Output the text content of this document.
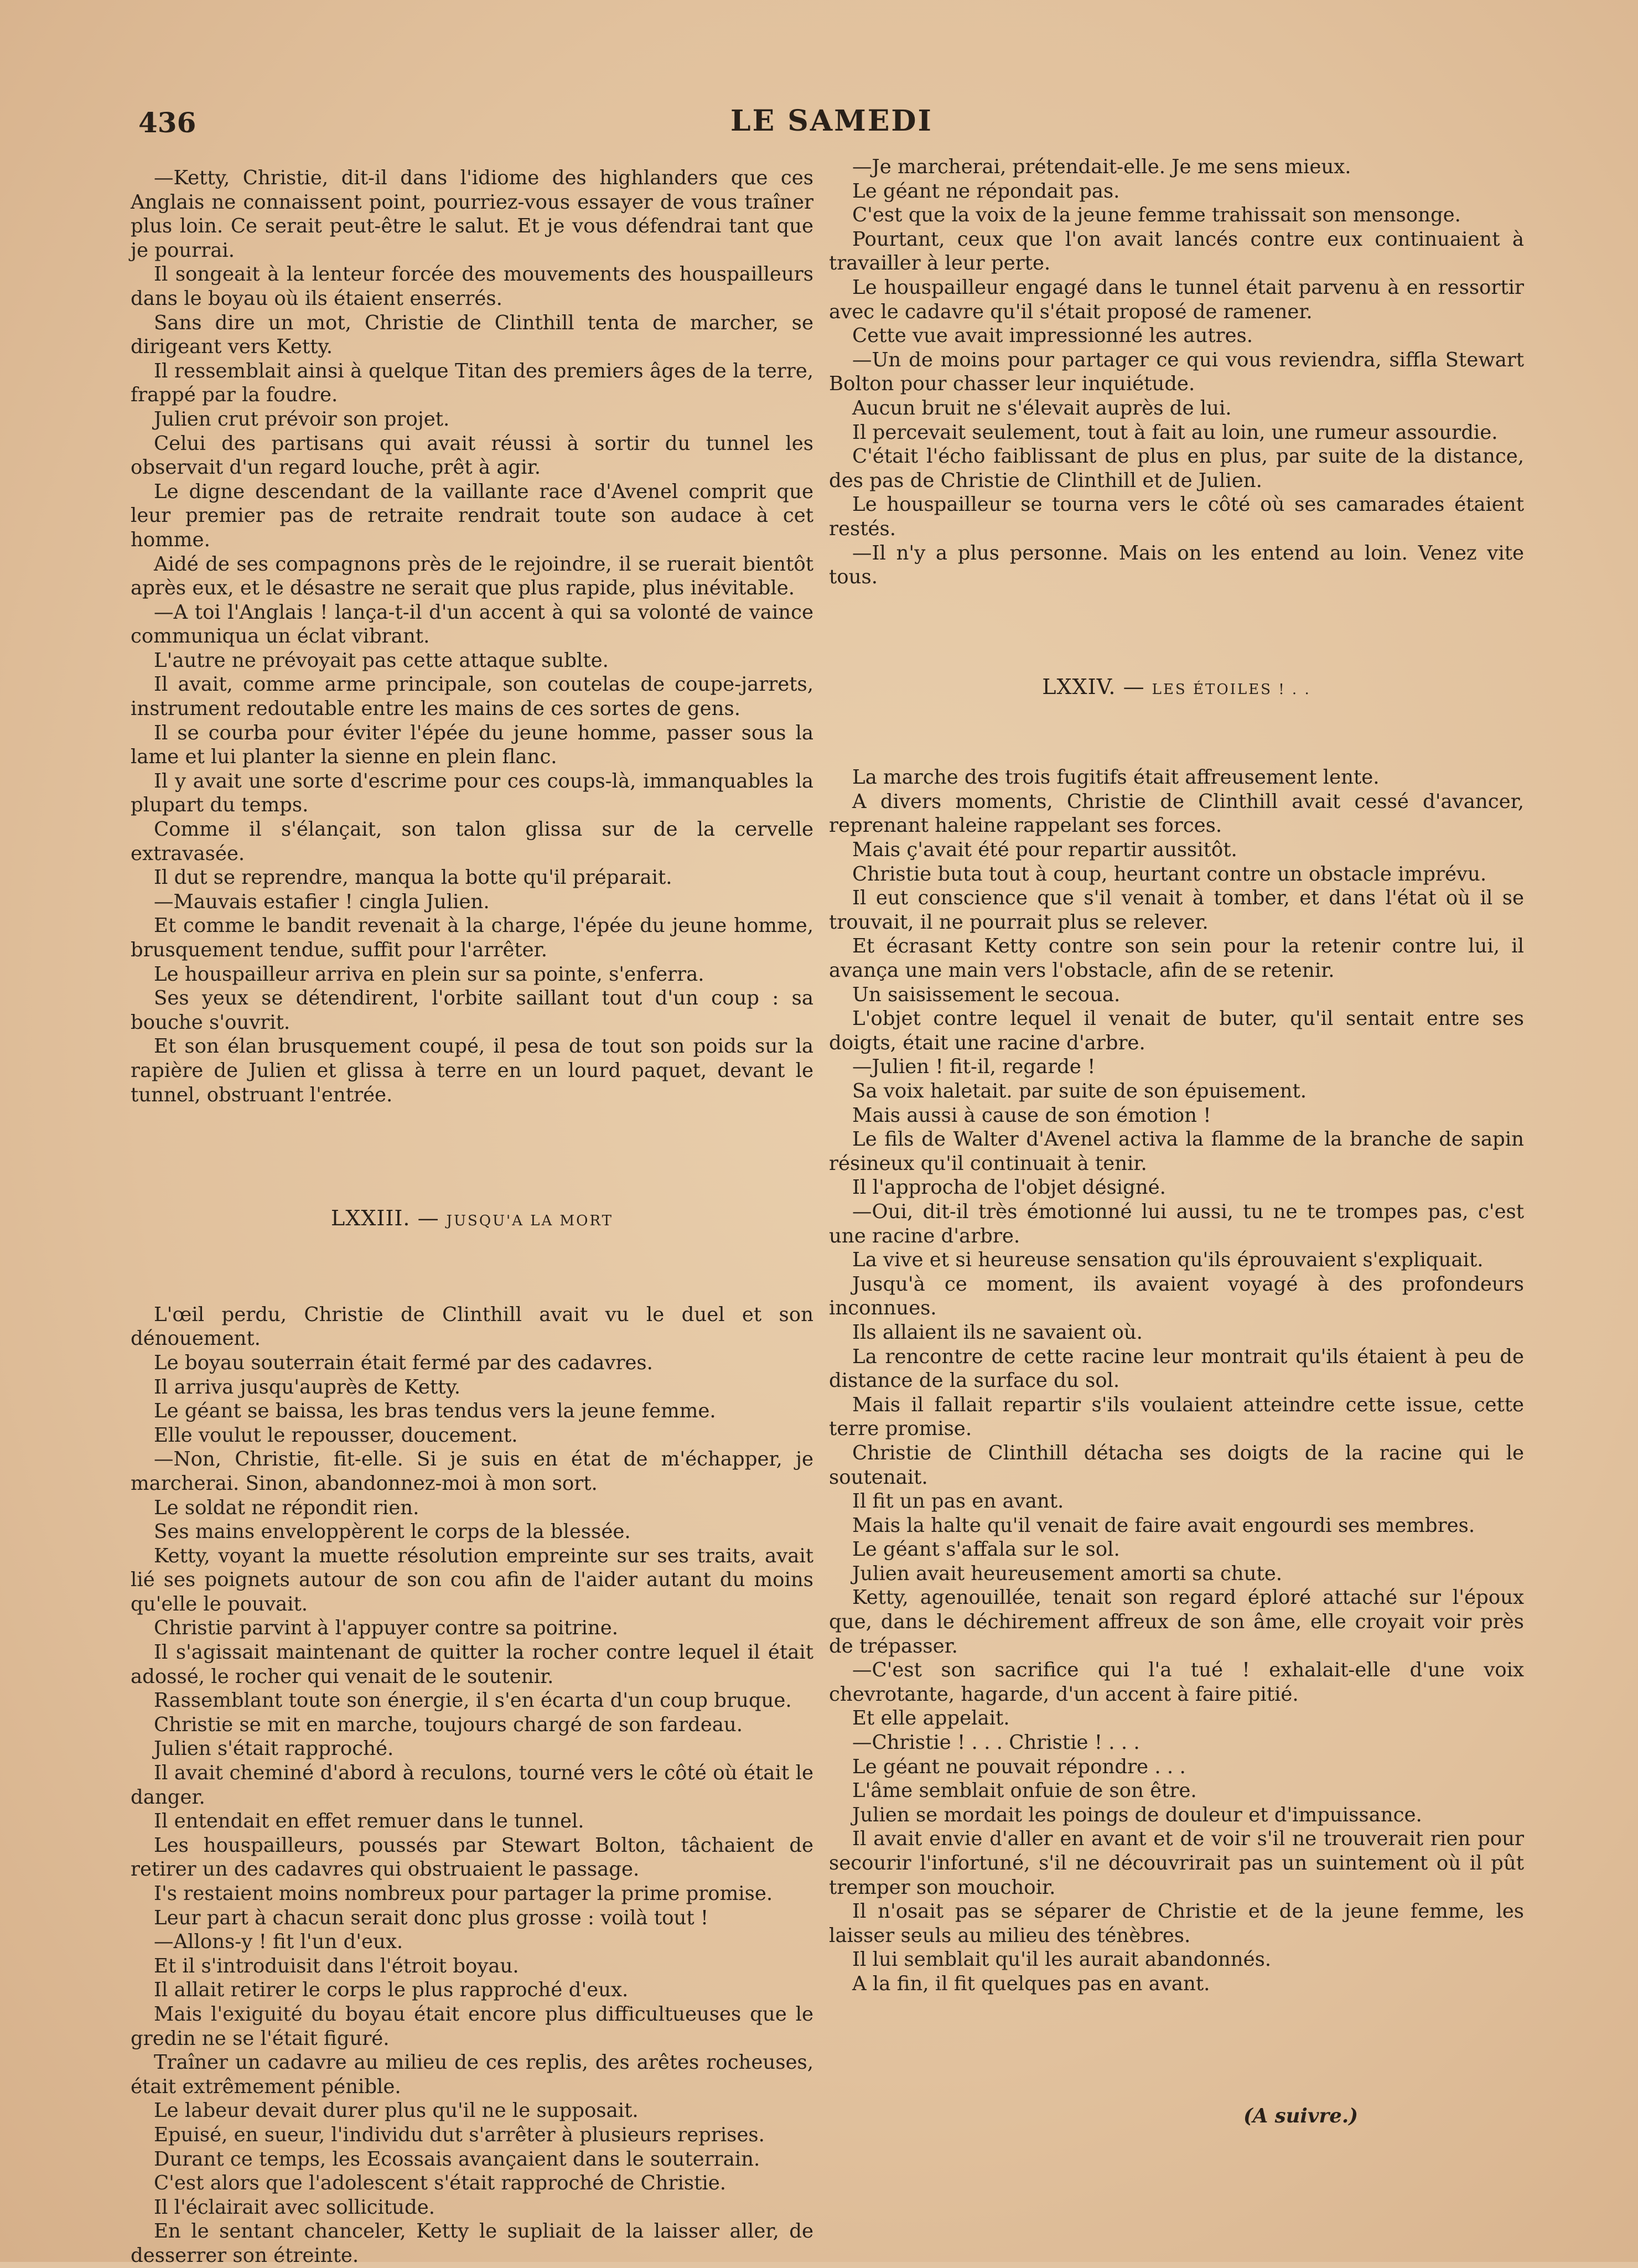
436	LE SAMEDI

—Ketty, Christie, dit-il dans l'idiome des highlanders que ces Anglais ne connaissent point, pourriez-vous essayer de vous traîner plus loin. Ce serait peut-être le salut. Et je vous défendrai tant que je pourrai.

Il songeait à la lenteur forcée des mouvements des houspailleurs dans le boyau où ils étaient enserrés.

Sans dire un mot, Christie de Clinthill tenta de marcher, se dirigeant vers Ketty.

Il ressemblait ainsi à quelque Titan des premiers âges de la terre, frappé par la foudre.

Julien crut prévoir son projet.

Celui des partisans qui avait réussi à sortir du tunnel les observait d'un regard louche, prêt à agir.

Le digne descendant de la vaillante race d'Avenel comprit que leur premier pas de retraite rendrait toute son audace à cet homme.

Aidé de ses compagnons près de le rejoindre, il se ruerait bientôt après eux, et le désastre ne serait que plus rapide, plus inévitable.

—A toi l'Anglais ! lança-t-il d'un accent à qui sa volonté de vaince communiqua un éclat vibrant.

L'autre ne prévoyait pas cette attaque sublte.

Il avait, comme arme principale, son coutelas de coupe-jarrets, instrument redoutable entre les mains de ces sortes de gens.

Il se courba pour éviter l'épée du jeune homme, passer sous la lame et lui planter la sienne en plein flanc.

Il y avait une sorte d'escrime pour ces coups-là, immanquables la plupart du temps.

Comme il s'élançait, son talon glissa sur de la cervelle extravasée.

Il dut se reprendre, manqua la botte qu'il préparait.

—Mauvais estafier ! cingla Julien.

Et comme le bandit revenait à la charge, l'épée du jeune homme, brusquement tendue, suffit pour l'arrêter.

Le houspailleur arriva en plein sur sa pointe, s'enferra.

Ses yeux se détendirent, l'orbite saillant tout d'un coup : sa bouche s'ouvrit.

Et son élan brusquement coupé, il pesa de tout son poids sur la rapière de Julien et glissa à terre en un lourd paquet, devant le tunnel, obstruant l'entrée.

LXXIII. — JUSQU'A LA MORT

L'œil perdu, Christie de Clinthill avait vu le duel et son dénouement.

Le boyau souterrain était fermé par des cadavres.

Il arriva jusqu'auprès de Ketty.

Le géant se baissa, les bras tendus vers la jeune femme.

Elle voulut le repousser, doucement.

—Non, Christie, fit-elle. Si je suis en état de m'échapper, je marcherai. Sinon, abandonnez-moi à mon sort.

Le soldat ne répondit rien.

Ses mains enveloppèrent le corps de la blessée.

Ketty, voyant la muette résolution empreinte sur ses traits, avait lié ses poignets autour de son cou afin de l'aider autant du moins qu'elle le pouvait.

Christie parvint à l'appuyer contre sa poitrine.

Il s'agissait maintenant de quitter la rocher contre lequel il était adossé, le rocher qui venait de le soutenir.

Rassemblant toute son énergie, il s'en écarta d'un coup bruque.

Christie se mit en marche, toujours chargé de son fardeau.

Julien s'était rapproché.

Il avait cheminé d'abord à reculons, tourné vers le côté où était le danger.

Il entendait en effet remuer dans le tunnel.

Les houspailleurs, poussés par Stewart Bolton, tâchaient de retirer un des cadavres qui obstruaient le passage.

I's restaient moins nombreux pour partager la prime promise.

Leur part à chacun serait donc plus grosse : voilà tout !

—Allons-y ! fit l'un d'eux.

Et il s'introduisit dans l'étroit boyau.

Il allait retirer le corps le plus rapproché d'eux.

Mais l'exiguité du boyau était encore plus difficultueuses que le gredin ne se l'était figuré.

Traîner un cadavre au milieu de ces replis, des arêtes rocheuses, était extrêmement pénible.

Le labeur devait durer plus qu'il ne le supposait.

Epuisé, en sueur, l'individu dut s'arrêter à plusieurs reprises.

Durant ce temps, les Ecossais avançaient dans le souterrain.

C'est alors que l'adolescent s'était rapproché de Christie.

Il l'éclairait avec sollicitude.

En le sentant chanceler, Ketty le supliait de la laisser aller, de desserrer son étreinte.

—Je marcherai, prétendait-elle. Je me sens mieux.

Le géant ne répondait pas.

C'est que la voix de la jeune femme trahissait son mensonge.

Pourtant, ceux que l'on avait lancés contre eux continuaient à travailler à leur perte.

Le houspailleur engagé dans le tunnel était parvenu à en ressortir avec le cadavre qu'il s'était proposé de ramener.

Cette vue avait impressionné les autres.

—Un de moins pour partager ce qui vous reviendra, siffla Stewart Bolton pour chasser leur inquiétude.

Aucun bruit ne s'élevait auprès de lui.

Il percevait seulement, tout à fait au loin, une rumeur assourdie.

C'était l'écho faiblissant de plus en plus, par suite de la distance, des pas de Christie de Clinthill et de Julien.

Le houspailleur se tourna vers le côté où ses camarades étaient restés.

—Il n'y a plus personne. Mais on les entend au loin. Venez vite tous.

LXXIV. — LES ÉTOILES ! . .

La marche des trois fugitifs était affreusement lente.

A divers moments, Christie de Clinthill avait cessé d'avancer, reprenant haleine rappelant ses forces.

Mais ç'avait été pour repartir aussitôt.

Christie buta tout à coup, heurtant contre un obstacle imprévu.

Il eut conscience que s'il venait à tomber, et dans l'état où il se trouvait, il ne pourrait plus se relever.

Et écrasant Ketty contre son sein pour la retenir contre lui, il avança une main vers l'obstacle, afin de se retenir.

Un saisissement le secoua.

L'objet contre lequel il venait de buter, qu'il sentait entre ses doigts, était une racine d'arbre.

—Julien ! fit-il, regarde !

Sa voix haletait. par suite de son épuisement.

Mais aussi à cause de son émotion !

Le fils de Walter d'Avenel activa la flamme de la branche de sapin résineux qu'il continuait à tenir.

Il l'approcha de l'objet désigné.

—Oui, dit-il très émotionné lui aussi, tu ne te trompes pas, c'est une racine d'arbre.

La vive et si heureuse sensation qu'ils éprouvaient s'expliquait.

Jusqu'à ce moment, ils avaient voyagé à des profondeurs inconnues.

Ils allaient ils ne savaient où.

La rencontre de cette racine leur montrait qu'ils étaient à peu de distance de la surface du sol.

Mais il fallait repartir s'ils voulaient atteindre cette issue, cette terre promise.

Christie de Clinthill détacha ses doigts de la racine qui le soutenait.

Il fit un pas en avant.

Mais la halte qu'il venait de faire avait engourdi ses membres.

Le géant s'affala sur le sol.

Julien avait heureusement amorti sa chute.

Ketty, agenouillée, tenait son regard éploré attaché sur l'époux que, dans le déchirement affreux de son âme, elle croyait voir près de trépasser.

—C'est son sacrifice qui l'a tué ! exhalait-elle d'une voix chevrotante, hagarde, d'un accent à faire pitié.

Et elle appelait.

—Christie ! . . . Christie ! . . .

Le géant ne pouvait répondre . . .

L'âme semblait onfuie de son être.

Julien se mordait les poings de douleur et d'impuissance.

Il avait envie d'aller en avant et de voir s'il ne trouverait rien pour secourir l'infortuné, s'il ne découvrirait pas un suintement où il pût tremper son mouchoir.

Il n'osait pas se séparer de Christie et de la jeune femme, les laisser seuls au milieu des ténèbres.

Il lui semblait qu'il les aurait abandonnés.

A la fin, il fit quelques pas en avant.

(A suivre.)
